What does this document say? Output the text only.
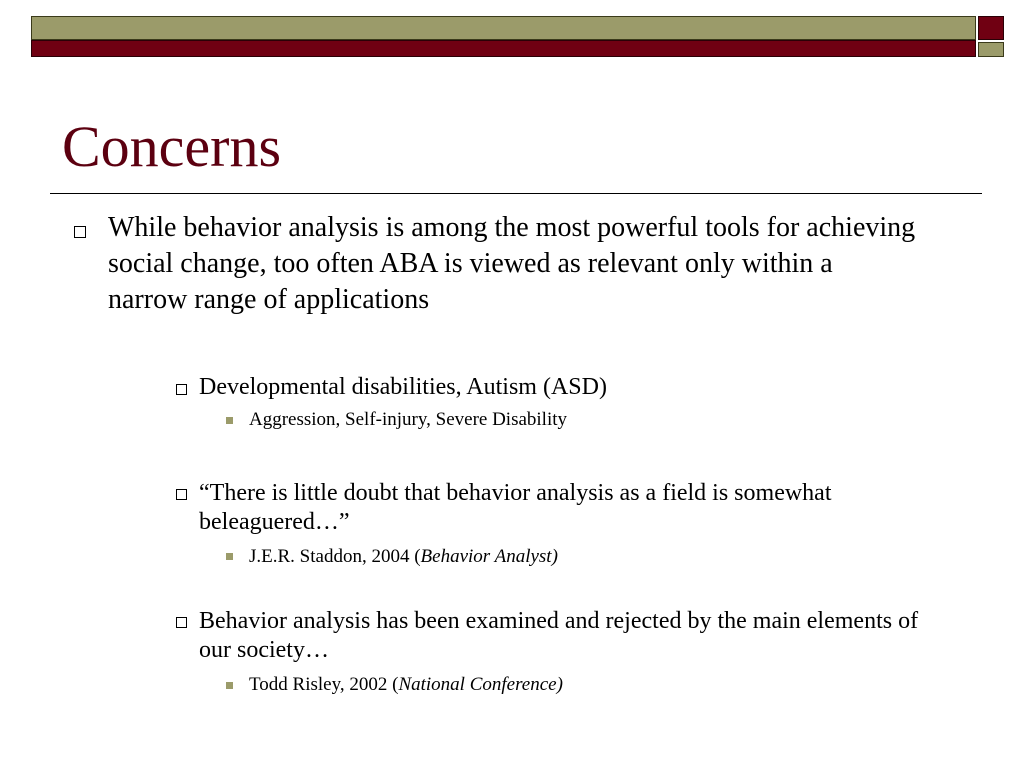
Concerns
While behavior analysis is among the most powerful tools for achieving social change, too often ABA is viewed as relevant only within a narrow range of applications
Developmental disabilities, Autism (ASD)
Aggression, Self-injury, Severe Disability
“There is little doubt that behavior analysis as a field is somewhat beleaguered…”
J.E.R. Staddon, 2004 (Behavior Analyst)
Behavior analysis has been examined and rejected by the main elements of our society…
Todd Risley, 2002 (National Conference)
